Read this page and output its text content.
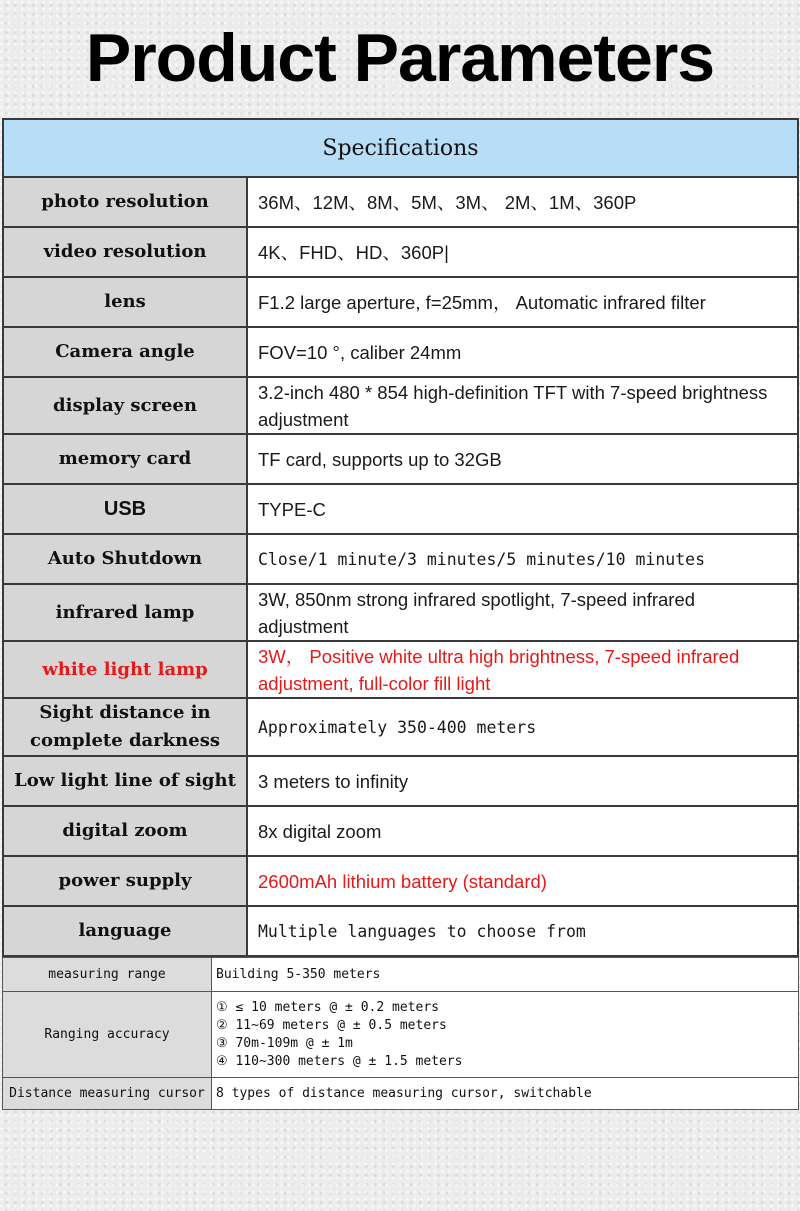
Product Parameters
Specifications	
photo resolution	36M、12M、8M、5M、3M、 2M、1M、360P
video resolution	4K、FHD、HD、360P|
lens	F1.2 large aperture, f=25mm， Automatic infrared filter
Camera angle	FOV=10 °, caliber 24mm
display screen	3.2-inch 480 * 854 high-definition TFT with 7-speed brightness adjustment
memory card	TF card, supports up to 32GB
USB	TYPE-C
Auto Shutdown	Close/1 minute/3 minutes/5 minutes/10 minutes
infrared lamp	3W, 850nm strong infrared spotlight, 7-speed infrared adjustment
white light lamp	3W， Positive white ultra high brightness, 7-speed infrared adjustment, full-color fill light
Sight distance in complete darkness	Approximately 350-400 meters
Low light line of sight	3 meters to infinity
digital zoom	8x digital zoom
power supply	2600mAh lithium battery (standard)
language	Multiple languages to choose from
measuring range	Building 5-350 meters
Ranging accuracy	① ≤ 10 meters @ ± 0.2 meters
② 11~69 meters @ ± 0.5 meters
③ 70m-109m @ ± 1m
④ 110~300 meters @ ± 1.5 meters

Distance measuring cursor	8 types of distance measuring cursor, switchable
